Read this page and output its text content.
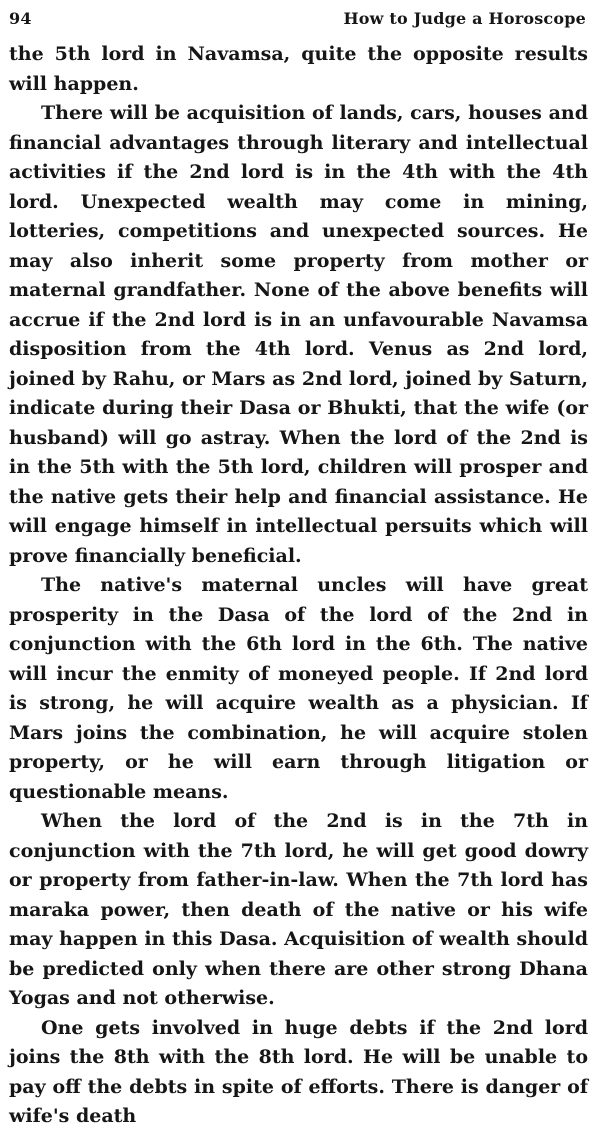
94	How to Judge a Horoscope

the 5th lord in Navamsa, quite the opposite results will happen.

There will be acquisition of lands, cars, houses and financial advantages through literary and intellectual activities if the 2nd lord is in the 4th with the 4th lord. Unexpected wealth may come in mining, lotteries, competitions and unexpected sources. He may also inherit some property from mother or maternal grandfather. None of the above benefits will accrue if the 2nd lord is in an unfavourable Navamsa disposition from the 4th lord. Venus as 2nd lord, joined by Rahu, or Mars as 2nd lord, joined by Saturn, indicate during their Dasa or Bhukti, that the wife (or husband) will go astray. When the lord of the 2nd is in the 5th with the 5th lord, children will prosper and the native gets their help and financial assistance. He will engage himself in intellectual persuits which will prove financially beneficial.

The native's maternal uncles will have great prosperity in the Dasa of the lord of the 2nd in conjunction with the 6th lord in the 6th. The native will incur the enmity of moneyed people. If 2nd lord is strong, he will acquire wealth as a physician. If Mars joins the combination, he will acquire stolen property, or he will earn through litigation or questionable means.

When the lord of the 2nd is in the 7th in conjunction with the 7th lord, he will get good dowry or property from father-in-law. When the 7th lord has maraka power, then death of the native or his wife may happen in this Dasa. Acquisition of wealth should be predicted only when there are other strong Dhana Yogas and not otherwise.

One gets involved in huge debts if the 2nd lord joins the 8th with the 8th lord. He will be unable to pay off the debts in spite of efforts. There is danger of wife's death
